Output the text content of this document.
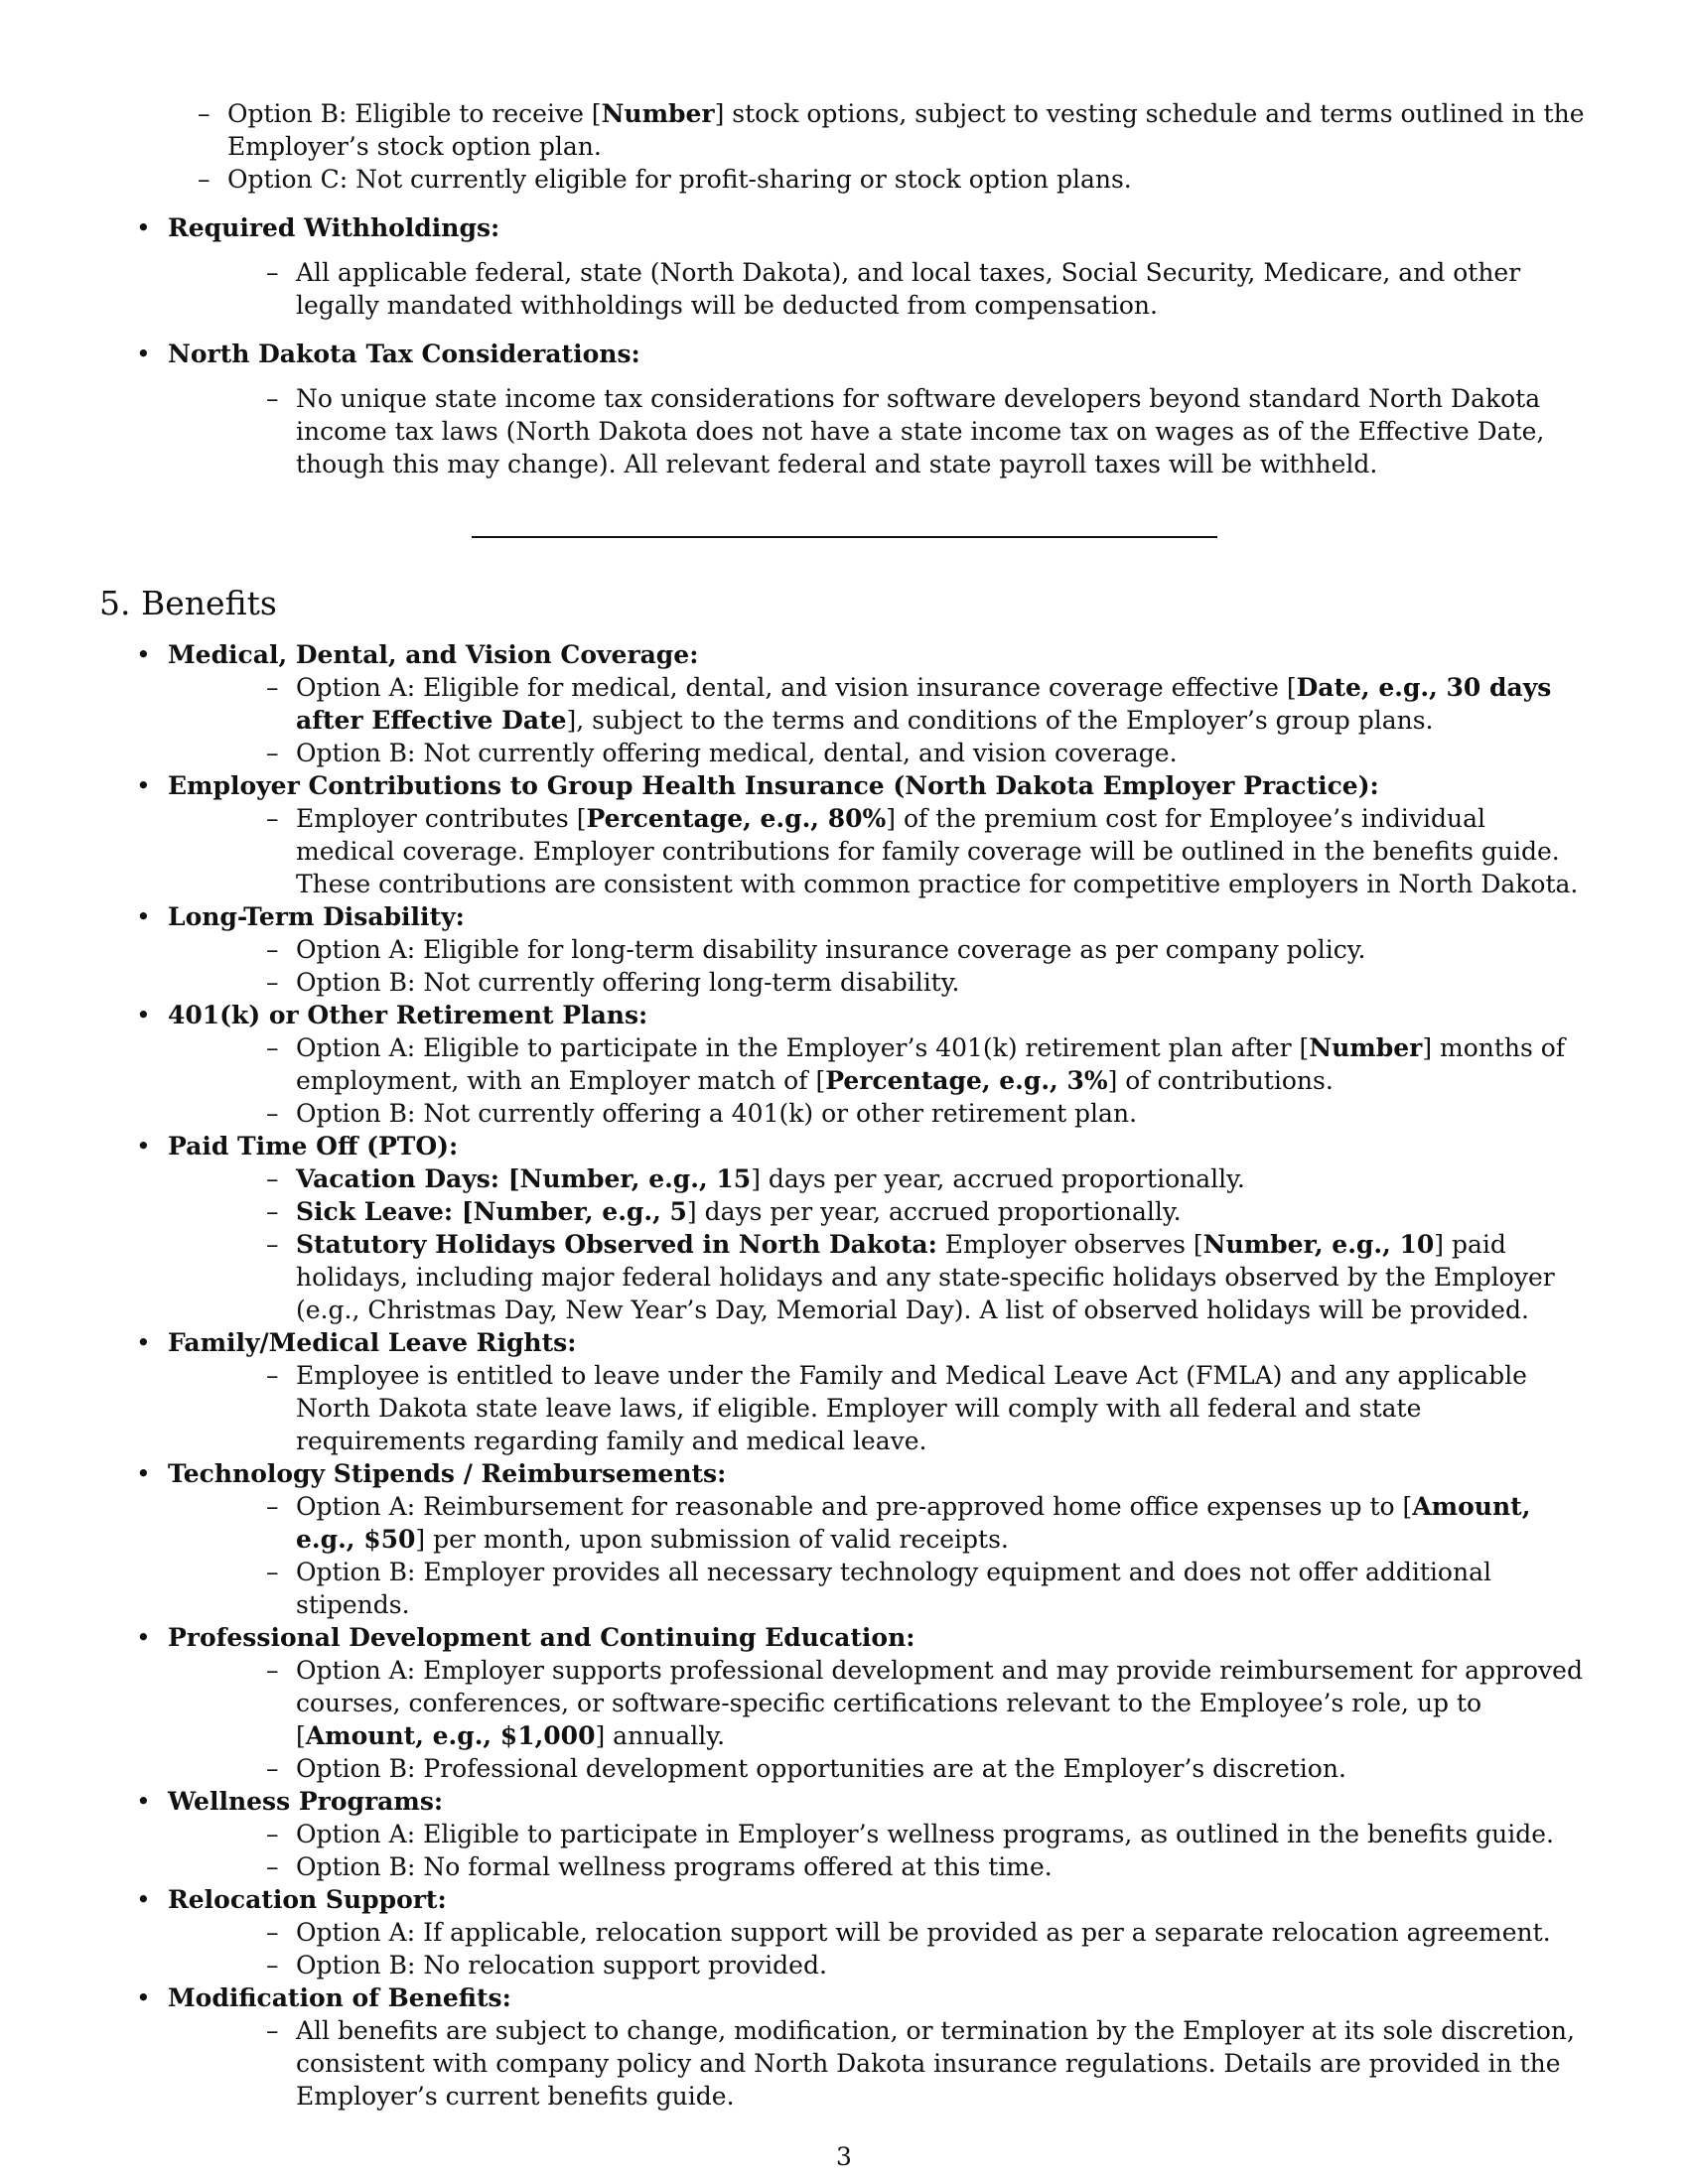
– Option B: Eligible to receive [Number] stock options, subject to vesting schedule and terms outlined in the Employer’s stock option plan.
– Option C: Not currently eligible for profit-sharing or stock option plans.
• Required Withholdings:
– All applicable federal, state (North Dakota), and local taxes, Social Security, Medicare, and other legally mandated withholdings will be deducted from compensation.
• North Dakota Tax Considerations:
– No unique state income tax considerations for software developers beyond standard North Dakota income tax laws (North Dakota does not have a state income tax on wages as of the Effective Date, though this may change). All relevant federal and state payroll taxes will be withheld.
5. Benefits
• Medical, Dental, and Vision Coverage:
– Option A: Eligible for medical, dental, and vision insurance coverage effective [Date, e.g., 30 days after Effective Date], subject to the terms and conditions of the Employer’s group plans.
– Option B: Not currently offering medical, dental, and vision coverage.
• Employer Contributions to Group Health Insurance (North Dakota Employer Practice):
– Employer contributes [Percentage, e.g., 80%] of the premium cost for Employee’s individual medical coverage. Employer contributions for family coverage will be outlined in the benefits guide. These contributions are consistent with common practice for competitive employers in North Dakota.
• Long-Term Disability:
– Option A: Eligible for long-term disability insurance coverage as per company policy.
– Option B: Not currently offering long-term disability.
• 401(k) or Other Retirement Plans:
– Option A: Eligible to participate in the Employer’s 401(k) retirement plan after [Number] months of employment, with an Employer match of [Percentage, e.g., 3%] of contributions.
– Option B: Not currently offering a 401(k) or other retirement plan.
• Paid Time Off (PTO):
– Vacation Days: [Number, e.g., 15] days per year, accrued proportionally.
– Sick Leave: [Number, e.g., 5] days per year, accrued proportionally.
– Statutory Holidays Observed in North Dakota: Employer observes [Number, e.g., 10] paid holidays, including major federal holidays and any state-specific holidays observed by the Employer (e.g., Christmas Day, New Year’s Day, Memorial Day). A list of observed holidays will be provided.
• Family/Medical Leave Rights:
– Employee is entitled to leave under the Family and Medical Leave Act (FMLA) and any applicable North Dakota state leave laws, if eligible. Employer will comply with all federal and state requirements regarding family and medical leave.
• Technology Stipends / Reimbursements:
– Option A: Reimbursement for reasonable and pre-approved home office expenses up to [Amount, e.g., $50] per month, upon submission of valid receipts.
– Option B: Employer provides all necessary technology equipment and does not offer additional stipends.
• Professional Development and Continuing Education:
– Option A: Employer supports professional development and may provide reimbursement for approved courses, conferences, or software-specific certifications relevant to the Employee’s role, up to [Amount, e.g., $1,000] annually.
– Option B: Professional development opportunities are at the Employer’s discretion.
• Wellness Programs:
– Option A: Eligible to participate in Employer’s wellness programs, as outlined in the benefits guide.
– Option B: No formal wellness programs offered at this time.
• Relocation Support:
– Option A: If applicable, relocation support will be provided as per a separate relocation agreement.
– Option B: No relocation support provided.
• Modification of Benefits:
– All benefits are subject to change, modification, or termination by the Employer at its sole discretion, consistent with company policy and North Dakota insurance regulations. Details are provided in the Employer’s current benefits guide.
3
